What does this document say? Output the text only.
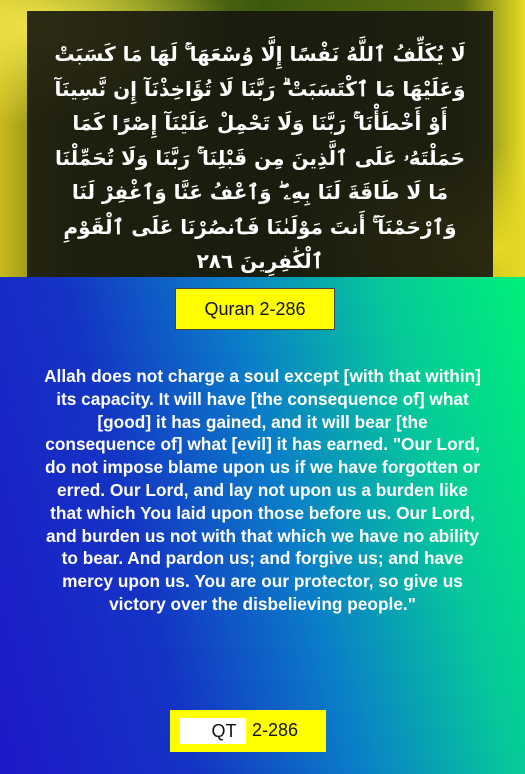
لَا يُكَلِّفُ ٱللَّهُ نَفْسًا إِلَّا وُسْعَهَا ۚ لَهَا مَا كَسَبَتْ وَعَلَيْهَا مَا ٱكْتَسَبَتْ ۗ رَبَّنَا لَا تُؤَاخِذْنَآ إِن نَّسِينَآ أَوْ أَخْطَأْنَا ۚ رَبَّنَا وَلَا تَحْمِلْ عَلَيْنَآ إِصْرًا كَمَا حَمَلْتَهُۥ عَلَى ٱلَّذِينَ مِن قَبْلِنَا ۚ رَبَّنَا وَلَا تُحَمِّلْنَا مَا لَا طَاقَةَ لَنَا بِهِۦ ۖ وَٱعْفُ عَنَّا وَٱغْفِرْ لَنَا وَٱرْحَمْنَآ ۚ أَنتَ مَوْلَىٰنَا فَٱنصُرْنَا عَلَى ٱلْقَوْمِ ٱلْكَٰفِرِينَ ٢٨٦

Quran 2-286

Allah does not charge a soul except [with that within] its capacity. It will have [the consequence of] what [good] it has gained, and it will bear [the consequence of] what [evil] it has earned. "Our Lord, do not impose blame upon us if we have forgotten or erred. Our Lord, and lay not upon us a burden like that which You laid upon those before us. Our Lord, and burden us not with that which we have no ability to bear. And pardon us; and forgive us; and have mercy upon us. You are our protector, so give us victory over the disbelieving people."

QT 2-286
